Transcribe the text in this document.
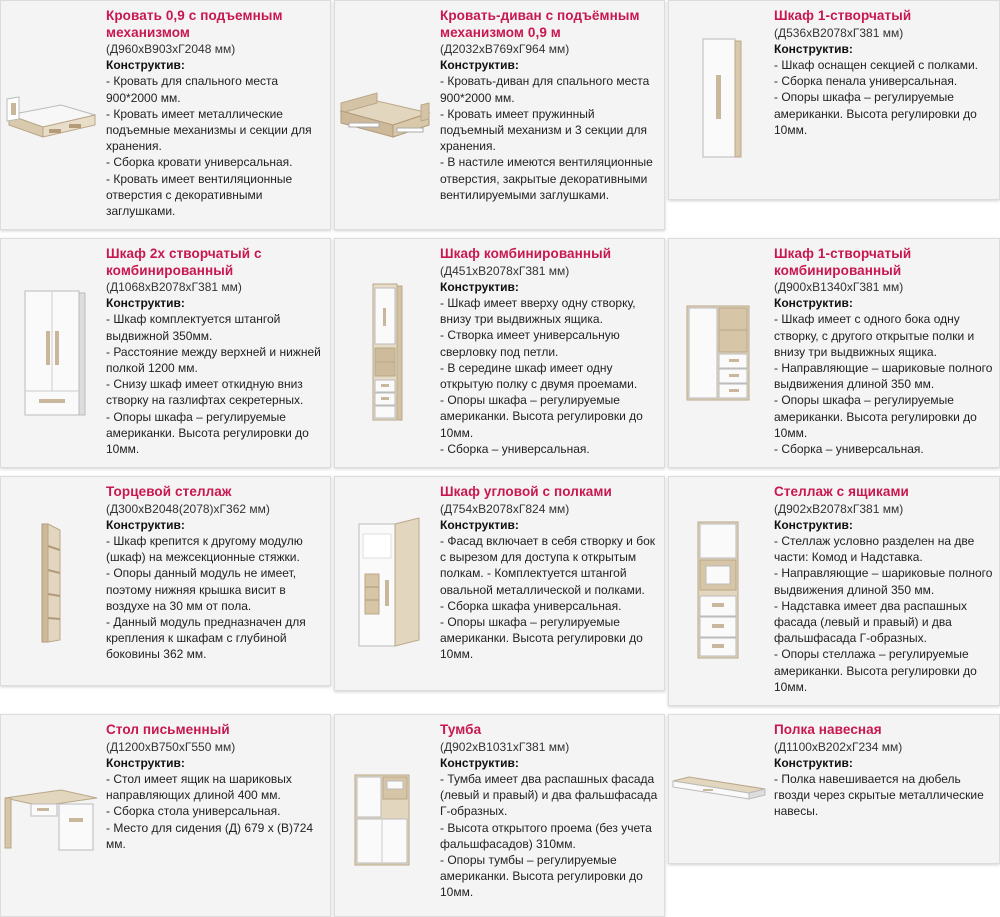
Кровать 0,9 с подъемным механизмом

(Д960хВ903хГ2048 мм)
Конструктив:
- Кровать для спального места 900*2000 мм.
- Кровать имеет металлические подъемные механизмы и секции для хранения.
- Сборка кровати универсальная.
- Кровать имеет вентиляционные отверстия с декоративными заглушками.

Кровать-диван с подъёмным механизмом 0,9 м

(Д2032хВ769хГ964 мм)
Конструктив:
- Кровать-диван для спального места 900*2000 мм.
- Кровать имеет пружинный подъемный механизм и 3 секции для хранения.
- В настиле имеются вентиляционные отверстия, закрытые декоративными вентилируемыми заглушками.

Шкаф 1-створчатый

(Д536хВ2078хГ381 мм)
Конструктив:
- Шкаф оснащен секцией с полками.
- Сборка пенала универсальная.
- Опоры шкафа – регулируемые американки. Высота регулировки до 10мм.

Шкаф 2х створчатый с комбинированный

(Д1068хВ2078хГ381 мм)
Конструктив:
- Шкаф комплектуется штангой выдвижной 350мм.
- Расстояние между верхней и нижней полкой 1200 мм.
- Снизу шкаф имеет откидную вниз створку на газлифтах секретерных.
- Опоры шкафа – регулируемые американки. Высота регулировки до 10мм.

Шкаф комбинированный

(Д451хВ2078хГ381 мм)
Конструктив:
- Шкаф имеет вверху одну створку, внизу три выдвижных ящика.
- Створка имеет универсальную сверловку под петли.
- В середине шкаф имеет одну открытую полку с двумя проемами.
- Опоры шкафа – регулируемые американки. Высота регулировки до 10мм.
- Сборка – универсальная.

Шкаф 1-створчатый комбинированный

(Д900хВ1340хГ381 мм)
Конструктив:
- Шкаф имеет с одного бока одну створку, с другого открытые полки и внизу три выдвижных ящика.
- Направляющие – шариковые полного выдвижения длиной 350 мм.
- Опоры шкафа – регулируемые американки. Высота регулировки до 10мм.
- Сборка – универсальная.

Торцевой стеллаж

(Д300хВ2048(2078)хГ362 мм)
Конструктив:
- Шкаф крепится к другому модулю (шкаф) на межсекционные стяжки.
- Опоры данный модуль не имеет, поэтому нижняя крышка висит в воздухе на 30 мм от пола.
- Данный модуль предназначен для крепления к шкафам с глубиной боковины 362 мм.

Шкаф угловой с полками

(Д754хВ2078хГ824 мм)
Конструктив:
- Фасад включает в себя створку и бок с вырезом для доступа к открытым полкам. - Комплектуется штангой овальной металлической и полками.
- Сборка шкафа универсальная.
- Опоры шкафа – регулируемые американки. Высота регулировки до 10мм.

Стеллаж с ящиками

(Д902хВ2078хГ381 мм)
Конструктив:
- Стеллаж условно разделен на две части: Комод и Надставка.
- Направляющие – шариковые полного выдвижения длиной 350 мм.
- Надставка имеет два распашных фасада (левый и правый) и два фальшфасада Г-образных.
- Опоры стеллажа – регулируемые американки. Высота регулировки до 10мм.

Стол письменный

(Д1200хВ750хГ550 мм)
Конструктив:
- Стол имеет ящик на шариковых направляющих длиной 400 мм.
- Сборка стола универсальная.
- Место для сидения (Д) 679 х (В)724 мм.

Тумба

(Д902хВ1031хГ381 мм)
Конструктив:
- Тумба имеет два распашных фасада (левый и правый) и два фальшфасада Г-образных.
- Высота открытого проема (без учета фальшфасадов) 310мм.
- Опоры тумбы – регулируемые американки. Высота регулировки до 10мм.

Полка навесная

(Д1100хВ202хГ234 мм)
Конструктив:
- Полка навешивается на дюбель гвозди через скрытые металлические навесы.
